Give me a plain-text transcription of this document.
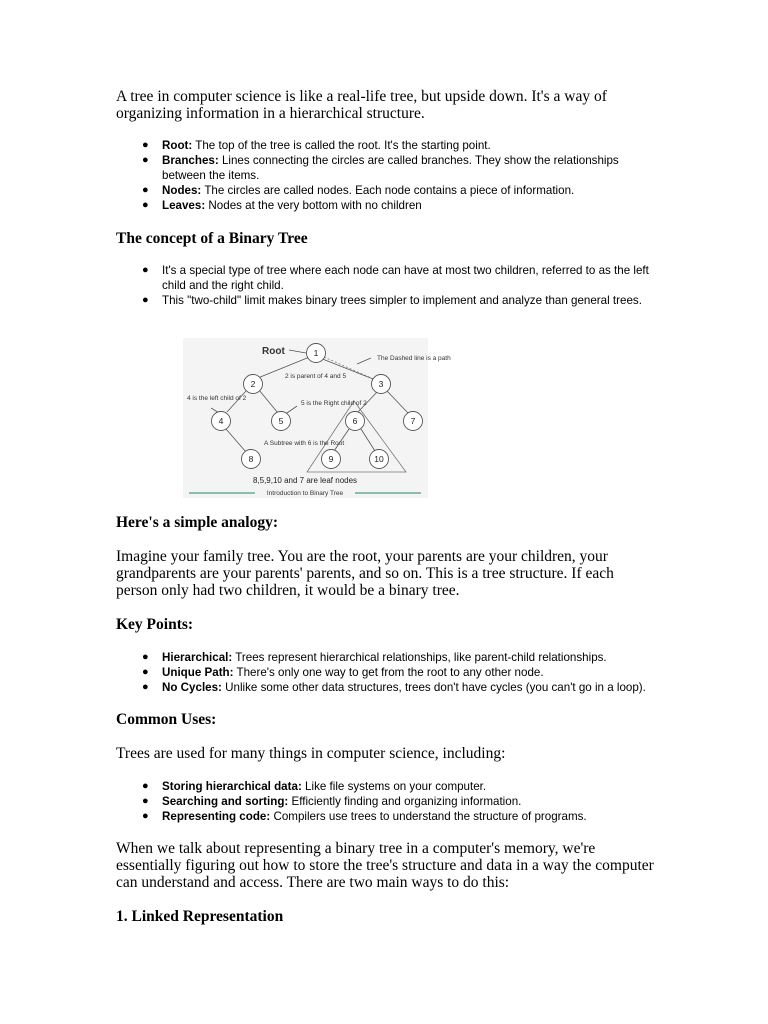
A tree in computer science is like a real-life tree, but upside down. It's a way of organizing information in a hierarchical structure.

● Root: The top of the tree is called the root. It's the starting point.
● Branches: Lines connecting the circles are called branches. They show the relationships between the items.
● Nodes: The circles are called nodes. Each node contains a piece of information.
● Leaves: Nodes at the very bottom with no children
The concept of a Binary Tree
● It's a special type of tree where each node can have at most two children, referred to as the left child and the right child.
● This "two-child" limit makes binary trees simpler to implement and analyze than general trees.
1
2	3
4	5	6	7
8	9	10
Root
The Dashed line is a path
2 is parent of 4 and 5
4 is the left child of 2
5 is the Right child of 2
A Subtree with 6 is the Root
8,5,9,10 and 7 are leaf nodes
Introduction to Binary Tree
Here's a simple analogy:

Imagine your family tree. You are the root, your parents are your children, your grandparents are your parents' parents, and so on. This is a tree structure. If each person only had two children, it would be a binary tree.

Key Points:
● Hierarchical: Trees represent hierarchical relationships, like parent-child relationships.
● Unique Path: There's only one way to get from the root to any other node.
● No Cycles: Unlike some other data structures, trees don't have cycles (you can't go in a loop).
Common Uses:

Trees are used for many things in computer science, including:

● Storing hierarchical data: Like file systems on your computer.
● Searching and sorting: Efficiently finding and organizing information.
● Representing code: Compilers use trees to understand the structure of programs.

When we talk about representing a binary tree in a computer's memory, we're essentially figuring out how to store the tree's structure and data in a way the computer can understand and access. There are two main ways to do this:

1. Linked Representation
